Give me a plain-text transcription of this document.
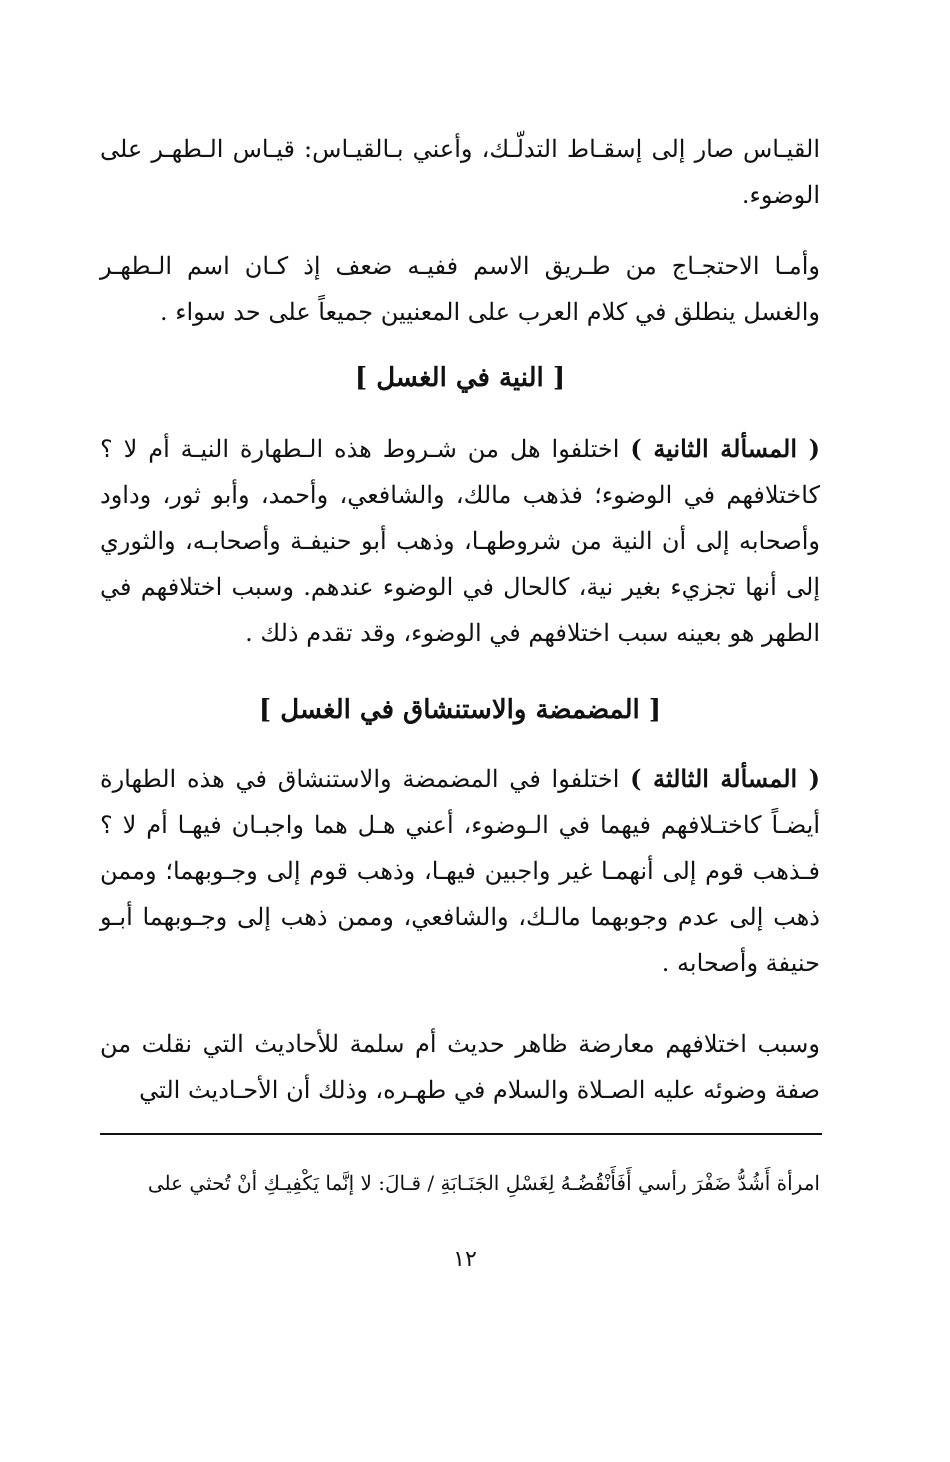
القيـاس صار إلى إسقـاط التدلّـك، وأعني بـالقيـاس: قيـاس الـطهـر على الوضوء.

وأمـا الاحتجـاج من طـريق الاسم ففيـه ضعف إذ كـان اسم الـطهـر والغسل ينطلق في كلام العرب على المعنيين جميعاً على حد سواء .

[ النية في الغسل ]

( المسألة الثانية ) اختلفوا هل من شـروط هذه الـطهارة النيـة أم لا ؟ كاختلافهم في الوضوء؛ فذهب مالك، والشافعي، وأحمد، وأبو ثور، وداود وأصحابه إلى أن النية من شروطهـا، وذهب أبو حنيفـة وأصحابـه، والثوري إلى أنها تجزيء بغير نية، كالحال في الوضوء عندهم. وسبب اختلافهم في الطهر هو بعينه سبب اختلافهم في الوضوء، وقد تقدم ذلك .

[ المضمضة والاستنشاق في الغسل ]

( المسألة الثالثة ) اختلفوا في المضمضة والاستنشاق في هذه الطهارة أيضـاً كاختـلافهم فيهما في الـوضوء، أعني هـل هما واجبـان فيهـا أم لا ؟ فـذهب قوم إلى أنهمـا غير واجبين فيهـا، وذهب قوم إلى وجـوبهما؛ وممن ذهب إلى عدم وجوبهما مالـك، والشافعي، وممن ذهب إلى وجـوبهما أبـو حنيفة وأصحابه .

وسبب اختلافهم معارضة ظاهر حديث أم سلمة للأحاديث التي نقلت من صفة وضوئه عليه الصـلاة والسلام في طهـره، وذلك أن الأحـاديث التي

امرأة أَشُدُّ ضَفْرَ رأسي أَفَأَنْقُضُـهُ لِغَسْلِ الجَنَـابَةِ / قـالَ: لا إنَّما يَكْفِيـكِ أنْ تُحثي على

١٢
